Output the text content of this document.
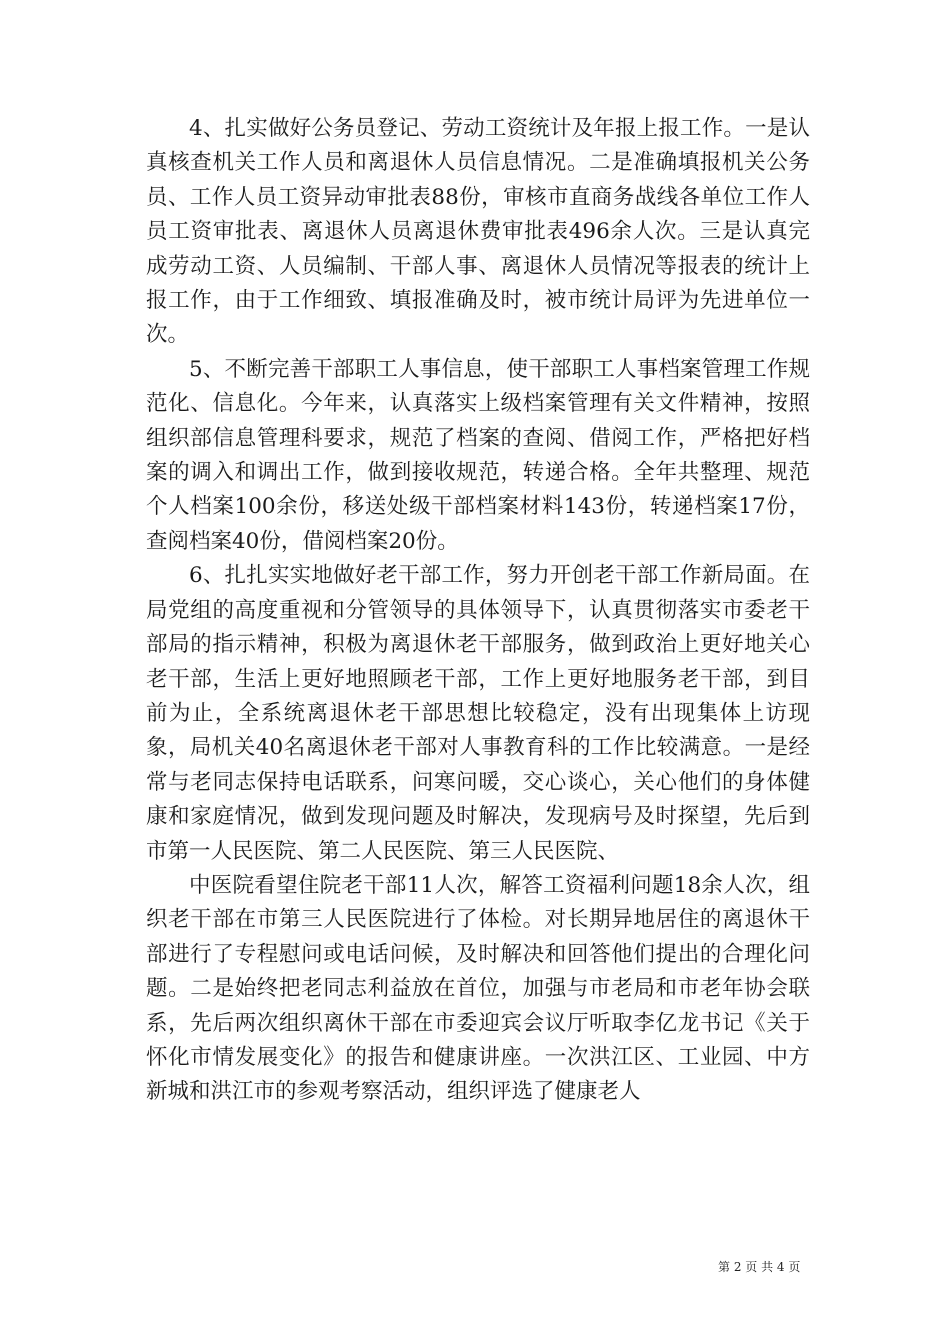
4、扎实做好公务员登记、劳动工资统计及年报上报工作。一是认真核查机关工作人员和离退休人员信息情况。二是准确填报机关公务员、工作人员工资异动审批表88份，审核市直商务战线各单位工作人员工资审批表、离退休人员离退休费审批表496余人次。三是认真完成劳动工资、人员编制、干部人事、离退休人员情况等报表的统计上报工作，由于工作细致、填报准确及时，被市统计局评为先进单位一次。

5、不断完善干部职工人事信息，使干部职工人事档案管理工作规范化、信息化。今年来，认真落实上级档案管理有关文件精神，按照组织部信息管理科要求，规范了档案的查阅、借阅工作，严格把好档案的调入和调出工作，做到接收规范，转递合格。全年共整理、规范个人档案100余份，移送处级干部档案材料143份，转递档案17份，查阅档案40份，借阅档案20份。

6、扎扎实实地做好老干部工作，努力开创老干部工作新局面。在局党组的高度重视和分管领导的具体领导下，认真贯彻落实市委老干部局的指示精神，积极为离退休老干部服务，做到政治上更好地关心老干部，生活上更好地照顾老干部，工作上更好地服务老干部，到目前为止，全系统离退休老干部思想比较稳定，没有出现集体上访现象，局机关40名离退休老干部对人事教育科的工作比较满意。一是经常与老同志保持电话联系，问寒问暖，交心谈心，关心他们的身体健康和家庭情况，做到发现问题及时解决，发现病号及时探望，先后到市第一人民医院、第二人民医院、第三人民医院、

中医院看望住院老干部11人次，解答工资福利问题18余人次，组织老干部在市第三人民医院进行了体检。对长期异地居住的离退休干部进行了专程慰问或电话问候，及时解决和回答他们提出的合理化问题。二是始终把老同志利益放在首位，加强与市老局和市老年协会联系，先后两次组织离休干部在市委迎宾会议厅听取李亿龙书记《关于怀化市情发展变化》的报告和健康讲座。一次洪江区、工业园、中方新城和洪江市的参观考察活动，组织评选了健康老人

第 2 页 共 4 页
